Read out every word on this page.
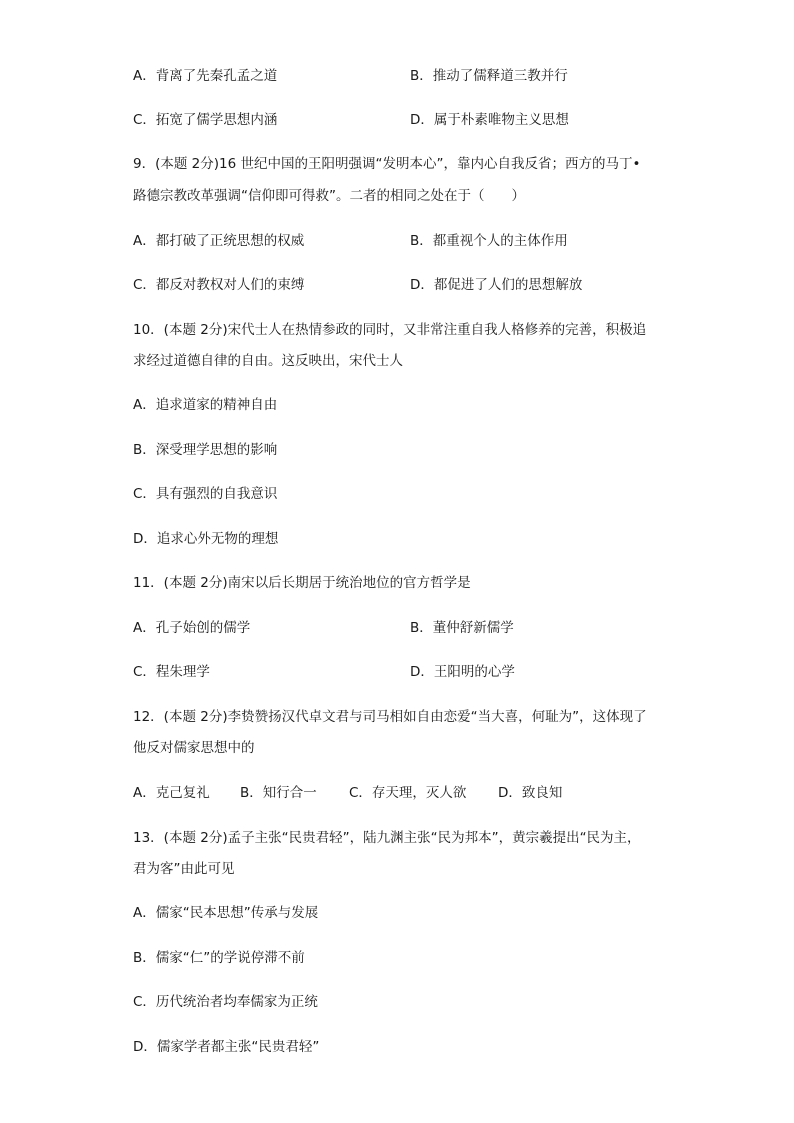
A．背离了先秦孔孟之道	B．推动了儒释道三教并行
C．拓宽了儒学思想内涵	D．属于朴素唯物主义思想
9．(本题 2分)16 世纪中国的王阳明强调“发明本心”，靠内心自我反省；西方的马丁•
路德宗教改革强调“信仰即可得救”。二者的相同之处在于（　　）
A．都打破了正统思想的权威	B．都重视个人的主体作用
C．都反对教权对人们的束缚	D．都促进了人们的思想解放
10．(本题 2分)宋代士人在热情参政的同时，又非常注重自我人格修养的完善，积极追
求经过道德自律的自由。这反映出，宋代士人
A．追求道家的精神自由
B．深受理学思想的影响
C．具有强烈的自我意识
D．追求心外无物的理想
11．(本题 2分)南宋以后长期居于统治地位的官方哲学是
A．孔子始创的儒学	B．董仲舒新儒学
C．程朱理学	D．王阳明的心学
12．(本题 2分)李贽赞扬汉代卓文君与司马相如自由恋爱“当大喜，何耻为”，这体现了
他反对儒家思想中的
A．克己复礼 B．知行合一 C．存天理，灭人欲 D．致良知
13．(本题 2分)孟子主张“民贵君轻”，陆九渊主张“民为邦本”，黄宗羲提出“民为主，
君为客”由此可见
A．儒家“民本思想”传承与发展
B．儒家“仁”的学说停滞不前
C．历代统治者均奉儒家为正统
D．儒家学者都主张“民贵君轻”
